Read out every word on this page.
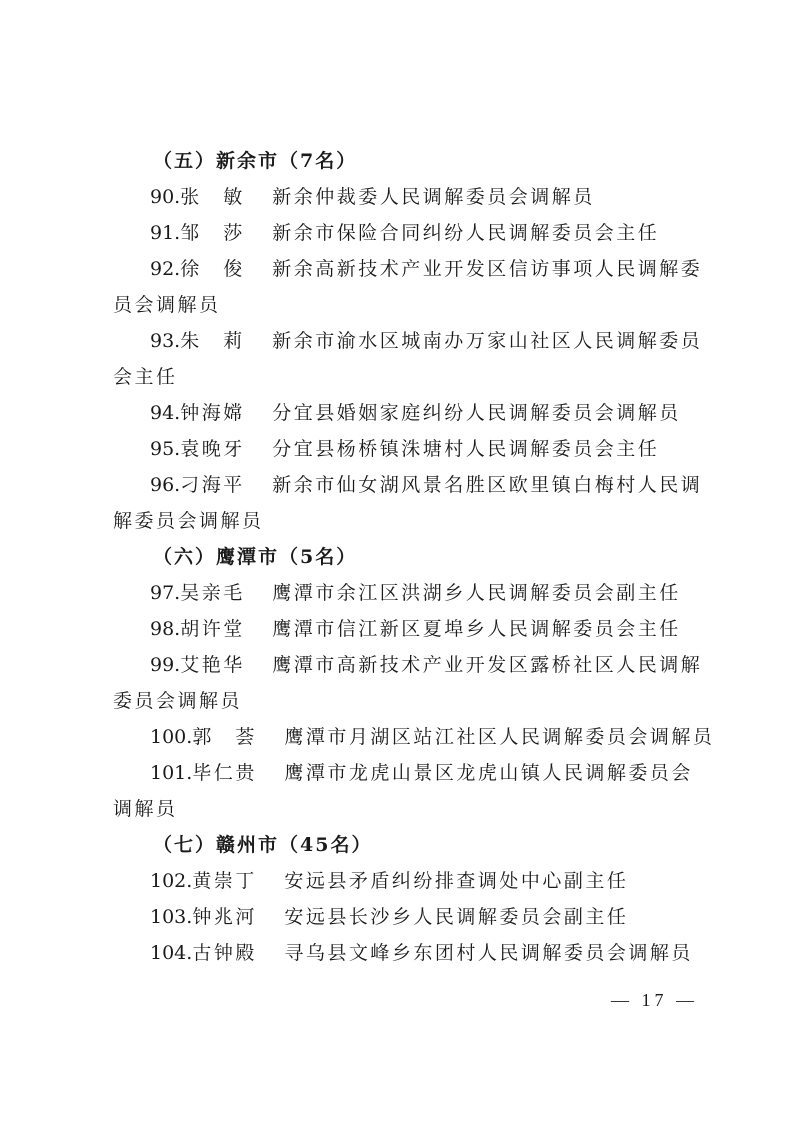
（五）新余市（7名）
90.张　敏 新余仲裁委人民调解委员会调解员
91.邹　莎 新余市保险合同纠纷人民调解委员会主任
92.徐　俊 新余高新技术产业开发区信访事项人民调解委
员会调解员
93.朱　莉 新余市渝水区城南办万家山社区人民调解委员
会主任
94.钟海嫦 分宜县婚姻家庭纠纷人民调解委员会调解员
95.袁晚牙 分宜县杨桥镇洙塘村人民调解委员会主任
96.刁海平 新余市仙女湖风景名胜区欧里镇白梅村人民调
解委员会调解员
（六）鹰潭市（5名）
97.吴亲毛 鹰潭市余江区洪湖乡人民调解委员会副主任
98.胡许堂 鹰潭市信江新区夏埠乡人民调解委员会主任
99.艾艳华 鹰潭市高新技术产业开发区露桥社区人民调解
委员会调解员
100.郭　荟 鹰潭市月湖区站江社区人民调解委员会调解员
101.毕仁贵 鹰潭市龙虎山景区龙虎山镇人民调解委员会
调解员
（七）赣州市（45名）
102.黄崇丁 安远县矛盾纠纷排查调处中心副主任
103.钟兆河 安远县长沙乡人民调解委员会副主任
104.古钟殿 寻乌县文峰乡东团村人民调解委员会调解员
— 17 —
